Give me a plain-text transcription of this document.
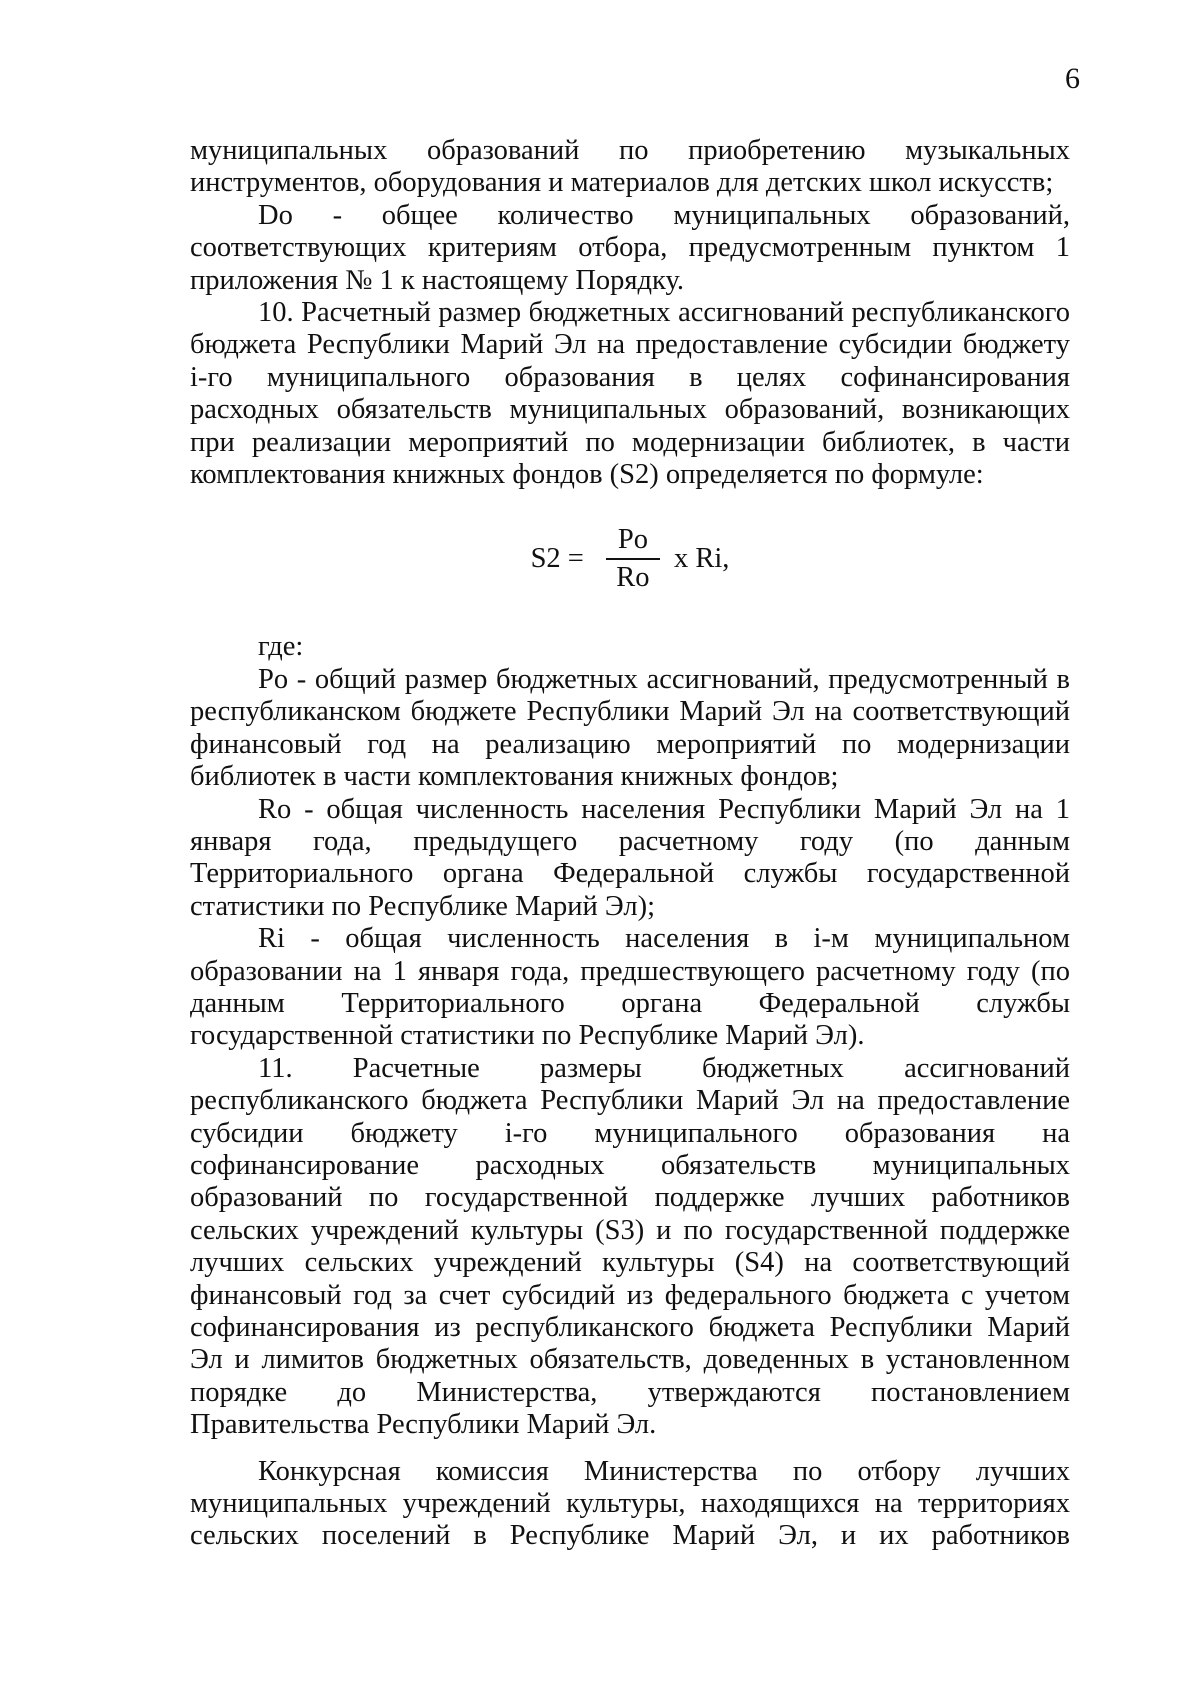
6

муниципальных образований по приобретению музыкальных инструментов, оборудования и материалов для детских школ искусств;

Do - общее количество муниципальных образований, соответствующих критериям отбора, предусмотренным пунктом 1 приложения № 1 к настоящему Порядку.

10. Расчетный размер бюджетных ассигнований республиканского бюджета Республики Марий Эл на предоставление субсидии бюджету i-го муниципального образования в целях софинансирования расходных обязательств муниципальных образований, возникающих при реализации мероприятий по модернизации библиотек, в части комплектования книжных фондов (S2) определяется по формуле:

$S2 = \frac{Po}{Ro}$ x Ri,

где:

Po - общий размер бюджетных ассигнований, предусмотренный в республиканском бюджете Республики Марий Эл на соответствующий финансовый год на реализацию мероприятий по модернизации библиотек в части комплектования книжных фондов;

Ro - общая численность населения Республики Марий Эл на 1 января года, предыдущего расчетному году (по данным Территориального органа Федеральной службы государственной статистики по Республике Марий Эл);

Ri - общая численность населения в i-м муниципальном образовании на 1 января года, предшествующего расчетному году (по данным Территориального органа Федеральной службы государственной статистики по Республике Марий Эл).

11. Расчетные размеры бюджетных ассигнований республиканского бюджета Республики Марий Эл на предоставление субсидии бюджету i-го муниципального образования на софинансирование расходных обязательств муниципальных образований по государственной поддержке лучших работников сельских учреждений культуры (S3) и по государственной поддержке лучших сельских учреждений культуры (S4) на соответствующий финансовый год за счет субсидий из федерального бюджета с учетом софинансирования из республиканского бюджета Республики Марий Эл и лимитов бюджетных обязательств, доведенных в установленном порядке до Министерства, утверждаются постановлением Правительства Республики Марий Эл.

Конкурсная комиссия Министерства по отбору лучших муниципальных учреждений культуры, находящихся на территориях сельских поселений в Республике Марий Эл, и их работников
